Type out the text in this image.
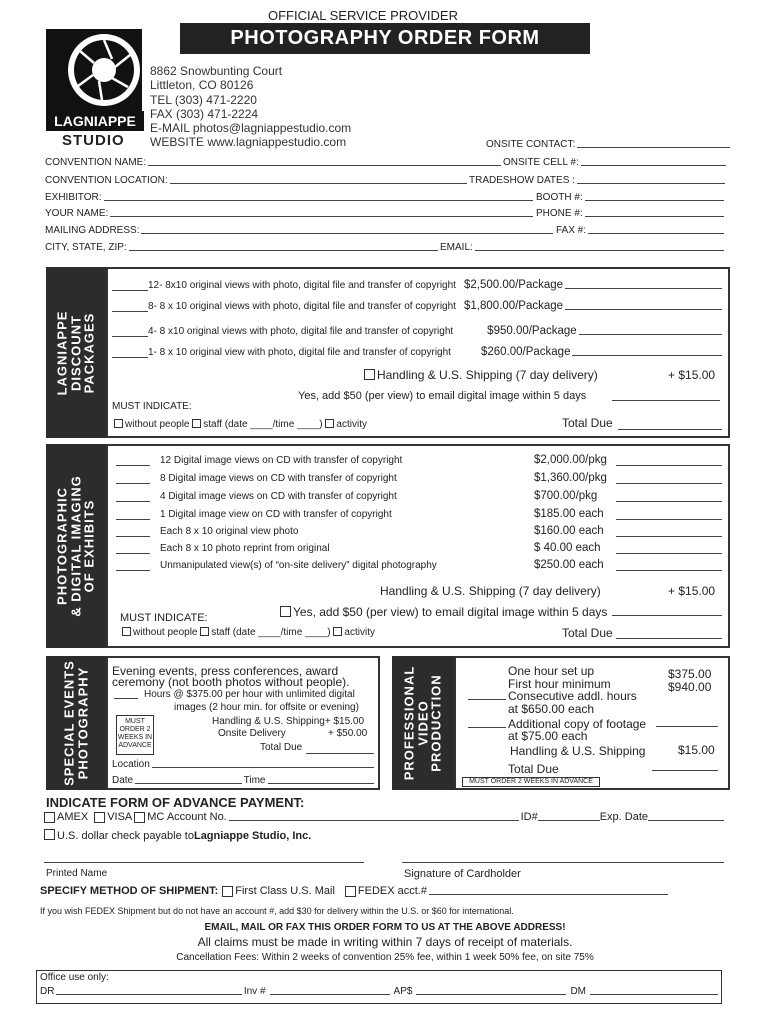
OFFICIAL SERVICE PROVIDER
PHOTOGRAPHY ORDER FORM
LAGNIAPPE
STUDIO
8862 Snowbunting Court
Littleton, CO 80126
TEL (303) 471-2220
FAX (303) 471-2224
E-MAIL photos@lagniappestudio.com
WEBSITE www.lagniappestudio.com	ONSITE CONTACT:
CONVENTION NAME:	ONSITE CELL #:
CONVENTION LOCATION:	TRADESHOW DATES :
EXHIBITOR:	BOOTH #:
YOUR NAME:	PHONE #:
MAILING ADDRESS:	FAX #:
CITY, STATE, ZIP:	EMAIL:
LAGNIAPPE
DISCOUNT
PACKAGES
12- 8x10 original views with photo, digital file and transfer of copyright $2,500.00/Package
8- 8 x 10 original views with photo, digital file and transfer of copyright $1,800.00/Package
4- 8 x10 original views with photo, digital file and transfer of copyright	$950.00/Package
1- 8 x 10 original view with photo, digital file and transfer of copyright	$260.00/Package
Handling & U.S. Shipping (7 day delivery)	+ $15.00
Yes, add $50 (per view) to email digital image within 5 days
MUST INDICATE:
without people staff (date ____/time ____) activity	Total Due
PHOTOGRAPHIC
& DIGITAL IMAGING
OF EXHIBITS
12 Digital image views on CD with transfer of copyright	$2,000.00/pkg
8 Digital image views on CD with transfer of copyright	$1,360.00/pkg
4 Digital image views on CD with transfer of copyright	$700.00/pkg
1 Digital image view on CD with transfer of copyright	$185.00 each
Each 8 x 10 original view photo	$160.00 each
Each 8 x 10 photo reprint from original	$ 40.00 each
Unmanipulated view(s) of “on-site delivery” digital photography	$250.00 each
Handling & U.S. Shipping (7 day delivery)	+ $15.00
MUST INDICATE:	Yes, add $50 (per view) to email digital image within 5 days
without people staff (date ____/time ____) activity	Total Due
SPECIAL EVENTS
PHOTOGRAPHY Evening events, press conferences, award
ceremony (not booth photos without people).
Hours @ $375.00 per hour with unlimited digital
images (2 hour min. for offsite or evening)
MUST ORDER 2 WEEKS IN ADVANCE
Handling & U.S. Shipping+ $15.00
Onsite Delivery	+ $50.00
Total Due
Location
Date	Time
PROFESSIONAL
VIDEO
PRODUCTION
One hour set up	$375.00
First hour minimum	$940.00
Consecutive addl. hours
at $650.00 each
Additional copy of footage
at $75.00 each
Handling & U.S. Shipping	$15.00
Total Due
MUST ORDER 2 WEEKS IN ADVANCE
INDICATE FORM OF ADVANCE PAYMENT:
AMEX VISA MC Account No.	ID#	Exp. Date
U.S. dollar check payable toLagniappe Studio, Inc.
Printed Name	Signature of Cardholder
SPECIFY METHOD OF SHIPMENT: First Class U.S. Mail FEDEX acct.#
If you wish FEDEX Shipment but do not have an account #, add $30 for delivery within the U.S. or $60 for international.
EMAIL, MAIL OR FAX THIS ORDER FORM TO US AT THE ABOVE ADDRESS!
All claims must be made in writing within 7 days of receipt of materials.
Cancellation Fees: Within 2 weeks of convention 25% fee, within 1 week 50% fee, on site 75%
Office use only:
DR	Inv #	AP$	DM
